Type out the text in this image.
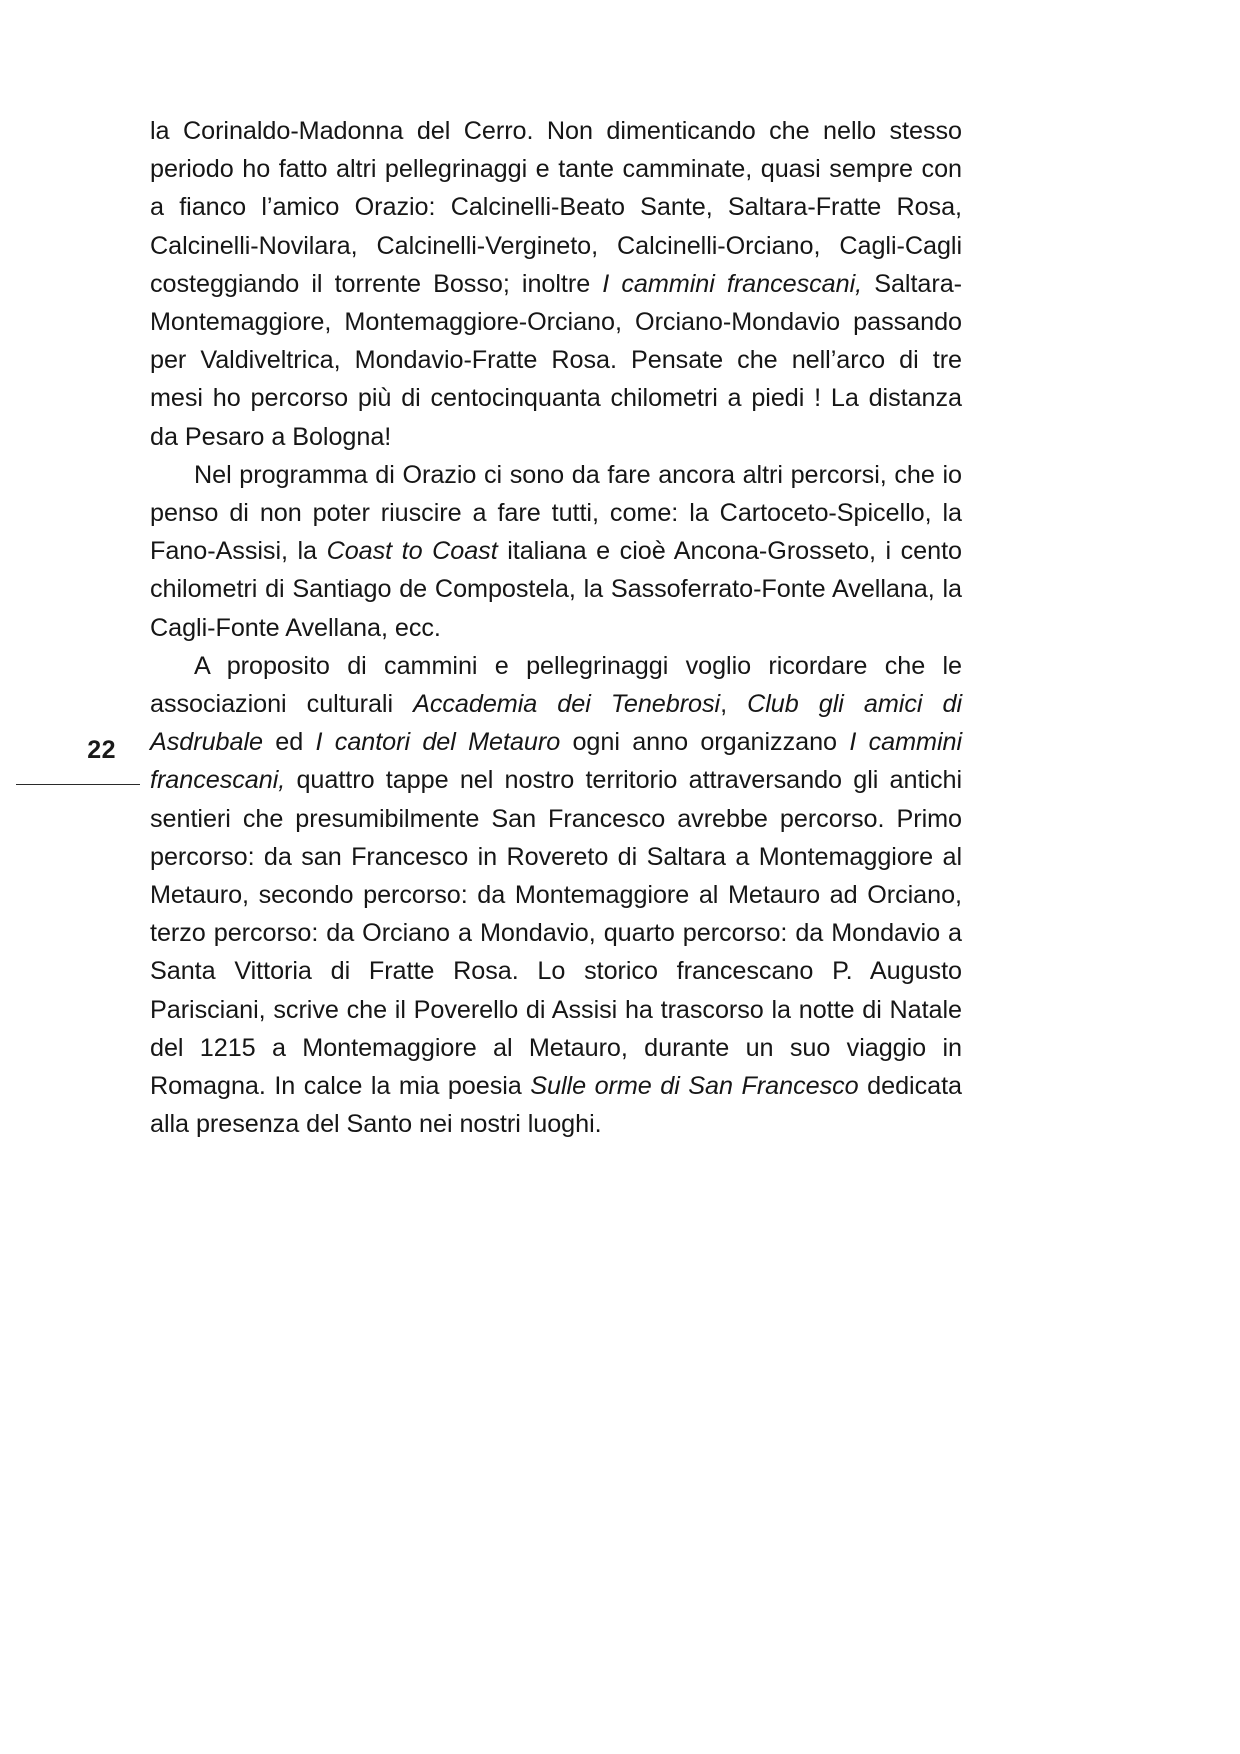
22

la Corinaldo-Madonna del Cerro. Non dimenticando che nello stesso periodo ho fatto altri pellegrinaggi e tante camminate, quasi sempre con a fianco l’amico Orazio: Calcinelli-Beato Sante, Saltara-Fratte Rosa, Calcinelli-Novilara, Calcinelli-Vergineto, Calcinelli-Orciano, Cagli-Cagli costeggiando il torrente Bosso; inoltre I cammini francescani, Saltara-Montemaggiore, Montemaggiore-Orciano, Orciano-Mondavio passando per Valdiveltrica, Mondavio-Fratte Rosa. Pensate che nell’arco di tre mesi ho percorso più di centocinquanta chilometri a piedi ! La distanza da Pesaro a Bologna!

Nel programma di Orazio ci sono da fare ancora altri percorsi, che io penso di non poter riuscire a fare tutti, come: la Cartoceto-Spicello, la Fano-Assisi, la Coast to Coast italiana e cioè Ancona-Grosseto, i cento chilometri di Santiago de Compostela, la Sassoferrato-Fonte Avellana, la Cagli-Fonte Avellana, ecc.

A proposito di cammini e pellegrinaggi voglio ricordare che le associazioni culturali Accademia dei Tenebrosi, Club gli amici di Asdrubale ed I cantori del Metauro ogni anno organizzano I cammini francescani, quattro tappe nel nostro territorio attraversando gli antichi sentieri che presumibilmente San Francesco avrebbe percorso. Primo percorso: da san Francesco in Rovereto di Saltara a Montemaggiore al Metauro, secondo percorso: da Montemaggiore al Metauro ad Orciano, terzo percorso: da Orciano a Mondavio, quarto percorso: da Mondavio a Santa Vittoria di Fratte Rosa. Lo storico francescano P. Augusto Parisciani, scrive che il Poverello di Assisi ha trascorso la notte di Natale del 1215 a Montemaggiore al Metauro, durante un suo viaggio in Romagna. In calce la mia poesia Sulle orme di San Francesco dedicata alla presenza del Santo nei nostri luoghi.
